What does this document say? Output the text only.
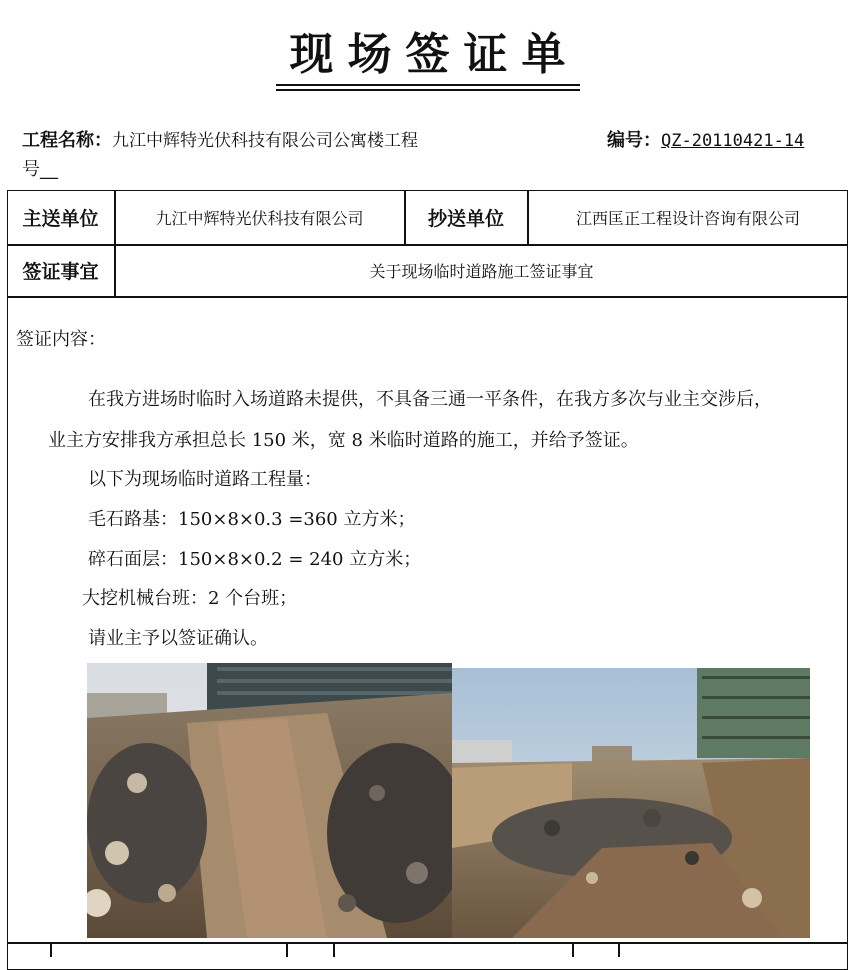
现场签证单
工程名称：九江中辉特光伏科技有限公司公寓楼工程
号__
编号：QZ-20110421-14
主送单位	九江中辉特光伏科技有限公司	抄送单位	江西匡正工程设计咨询有限公司
签证事宜	关于现场临时道路施工签证事宜
签证内容：
在我方进场时临时入场道路未提供，不具备三通一平条件，在我方多次与业主交涉后，
业主方安排我方承担总长 150 米，宽 8 米临时道路的施工，并给予签证。
以下为现场临时道路工程量：
毛石路基：150×8×0.3 =360 立方米；
碎石面层：150×8×0.2 = 240 立方米；
大挖机械台班：2 个台班；
请业主予以签证确认。
